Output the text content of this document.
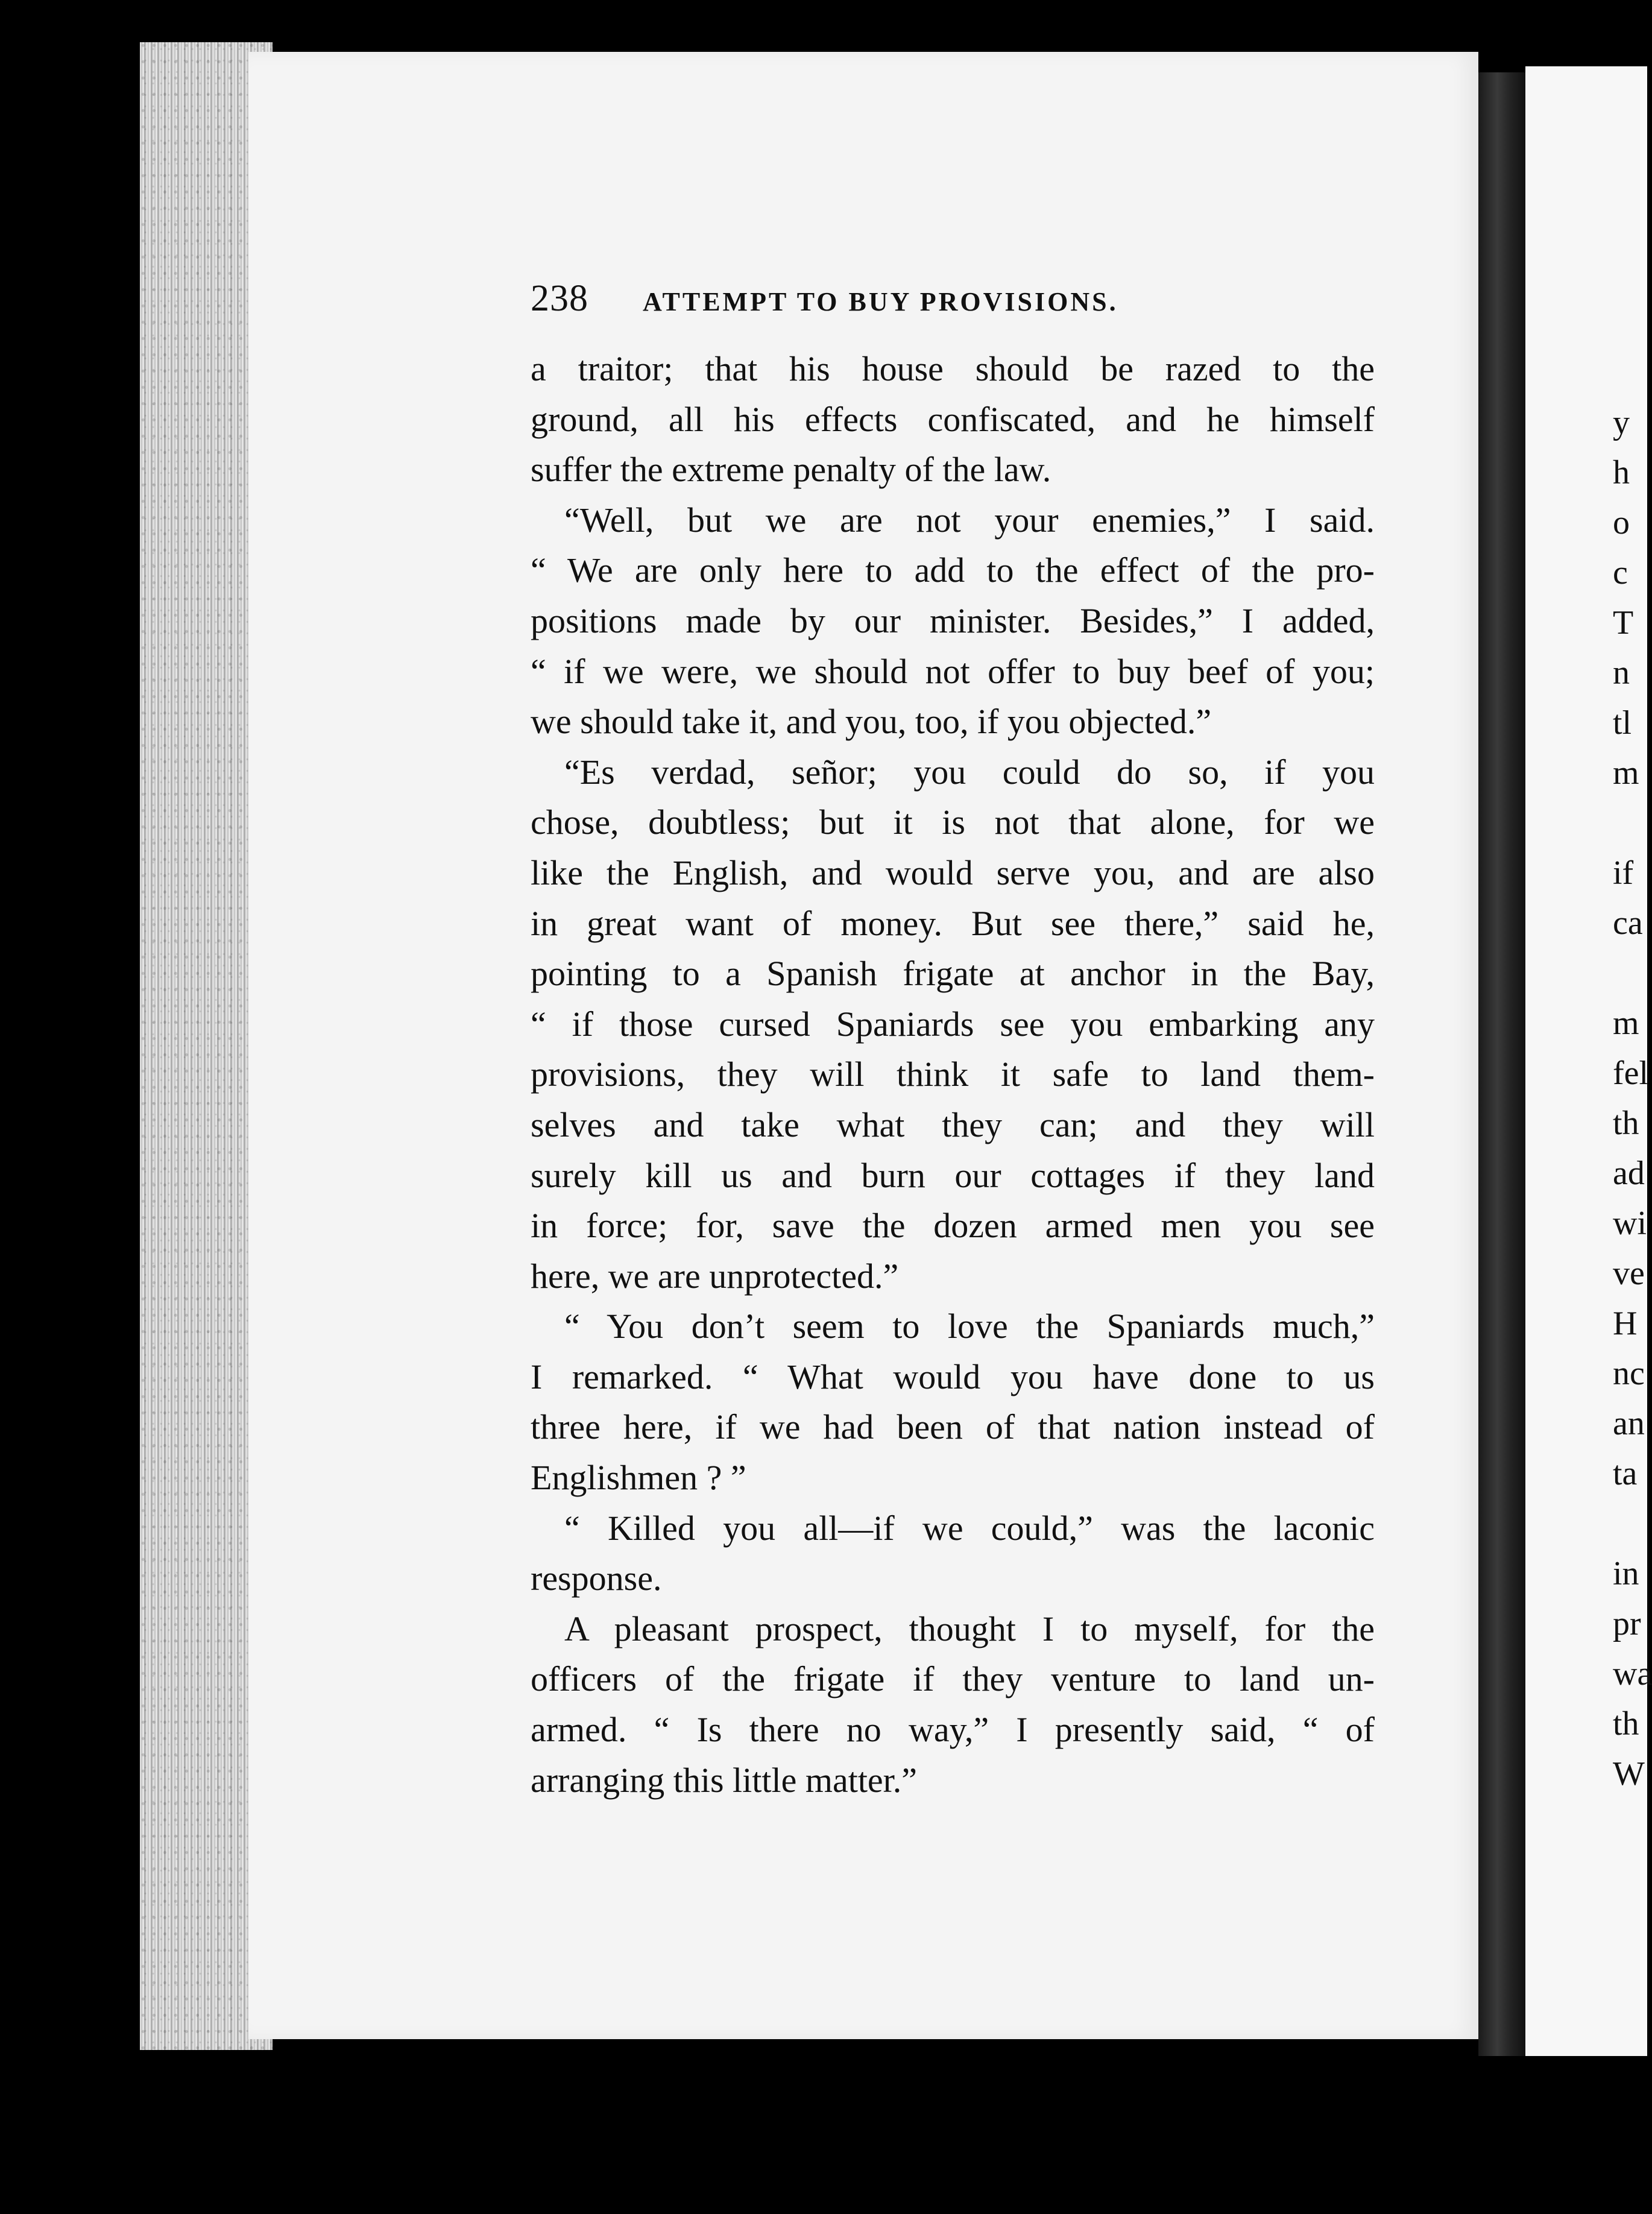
238 ATTEMPT TO BUY PROVISIONS.
a traitor; that his house should be razed to the
ground, all his effects confiscated, and he himself
suffer the extreme penalty of the law.
“Well, but we are not your enemies,” I said.
“ We are only here to add to the effect of the pro-
positions made by our minister. Besides,” I added,
“ if we were, we should not offer to buy beef of you;
we should take it, and you, too, if you objected.”
“Es verdad, señor; you could do so, if you
chose, doubtless; but it is not that alone, for we
like the English, and would serve you, and are also
in great want of money. But see there,” said he,
pointing to a Spanish frigate at anchor in the Bay,
“ if those cursed Spaniards see you embarking any
provisions, they will think it safe to land them-
selves and take what they can; and they will
surely kill us and burn our cottages if they land
in force; for, save the dozen armed men you see
here, we are unprotected.”
“ You don’t seem to love the Spaniards much,”
I remarked. “ What would you have done to us
three here, if we had been of that nation instead of
Englishmen ? ”
“ Killed you all—if we could,” was the laconic
response.
A pleasant prospect, thought I to myself, for the
officers of the frigate if they venture to land un-
armed. “ Is there no way,” I presently said, “ of
arranging this little matter.”
y
h
o
c
T
n
tl
m
if
ca
m
fel
th
ad
wi
ve
H
nc
an
ta
in
pr
wa
th
W
